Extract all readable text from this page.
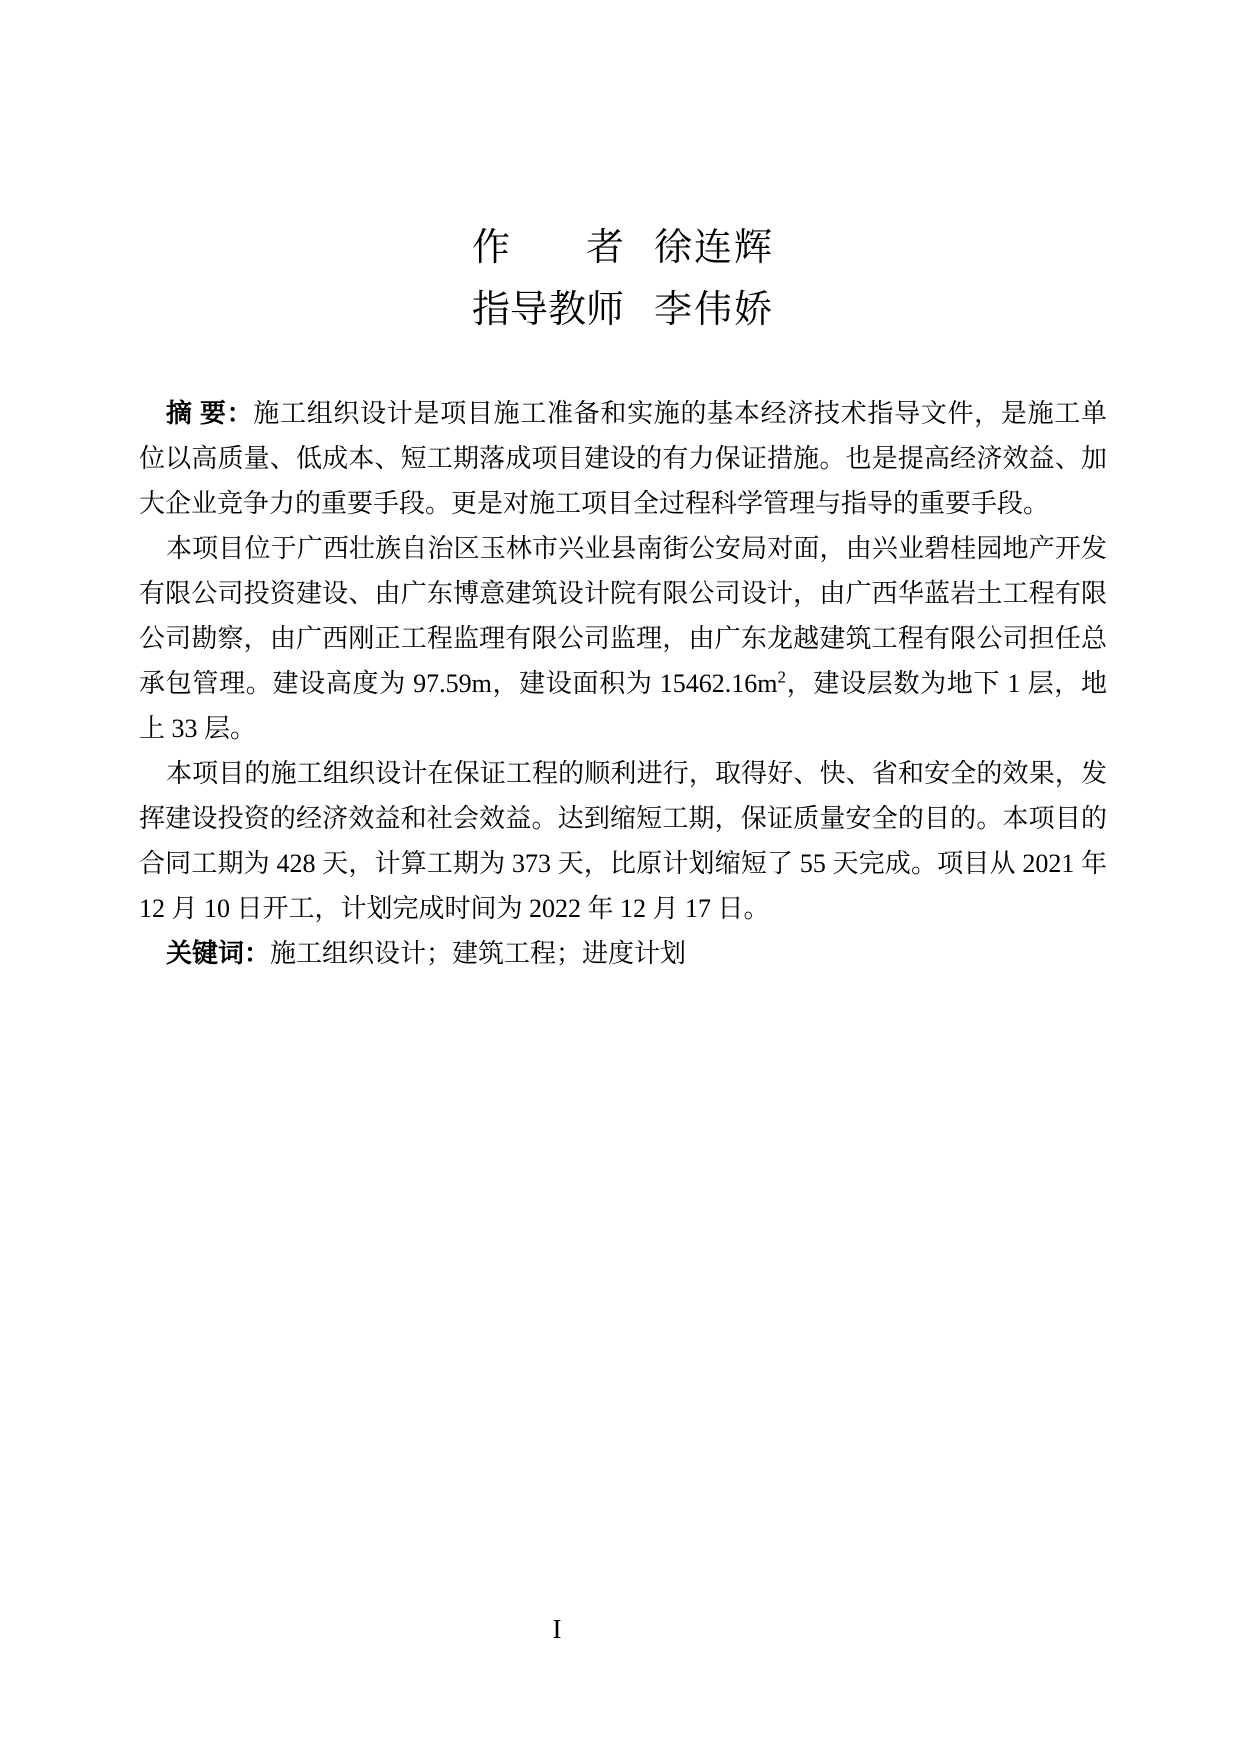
作 者 徐连辉
指导教师 李伟娇

摘 要：施工组织设计是项目施工准备和实施的基本经济技术指导文件，是施工单位以高质量、低成本、短工期落成项目建设的有力保证措施。也是提高经济效益、加大企业竞争力的重要手段。更是对施工项目全过程科学管理与指导的重要手段。

本项目位于广西壮族自治区玉林市兴业县南街公安局对面，由兴业碧桂园地产开发有限公司投资建设、由广东博意建筑设计院有限公司设计，由广西华蓝岩土工程有限公司勘察，由广西刚正工程监理有限公司监理，由广东龙越建筑工程有限公司担任总承包管理。建设高度为 97.59m，建设面积为 $15462.16m^2$，建设层数为地下 1 层，地上 33 层。

本项目的施工组织设计在保证工程的顺利进行，取得好、快、省和安全的效果，发挥建设投资的经济效益和社会效益。达到缩短工期，保证质量安全的目的。本项目的合同工期为 428 天，计算工期为 373 天，比原计划缩短了 55 天完成。项目从 2021 年 12 月 10 日开工，计划完成时间为 2022 年 12 月 17 日。

关键词：施工组织设计；建筑工程；进度计划

I
